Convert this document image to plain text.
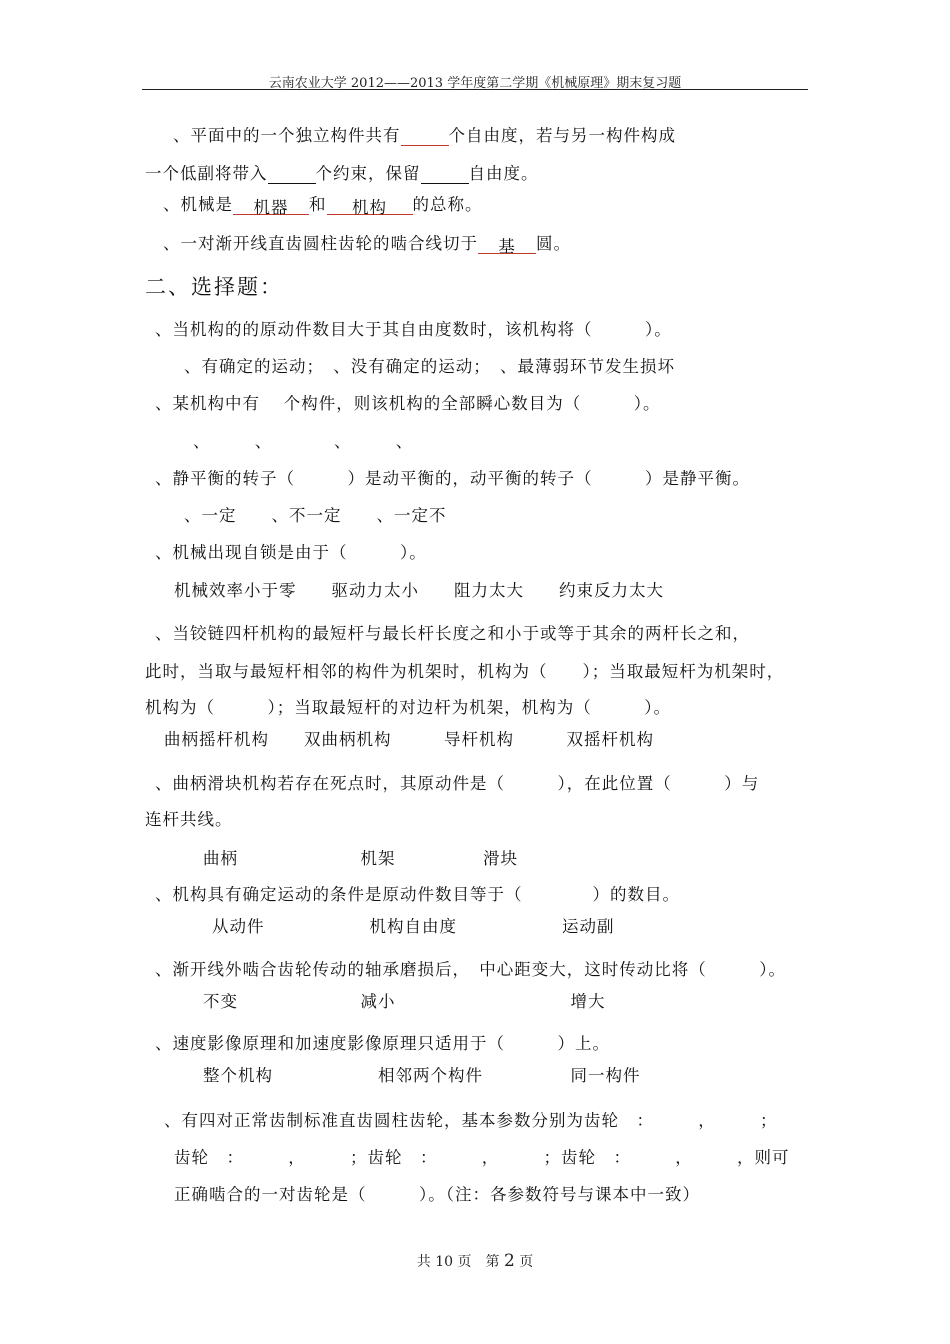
云南农业大学 2012——2013 学年度第二学期《机械原理》期末复习题
、平面中的一个独立构件共有	个自由度，若与另一构件构成
一个低副将带入	个约束，保留	自由度。
、机械是 机器 和 机构 的总称。
、一对渐开线直齿圆柱齿轮的啮合线切于 基 圆。
二、选择题：
、当机构的的原动件数目大于其自由度数时，该机构将（　　　）。
、有确定的运动；　、没有确定的运动；　、最薄弱环节发生损坏
、某机构中有　 个构件，则该机构的全部瞬心数目为（　　　）。
、　　　、　　　　、　　　、
、静平衡的转子（　　　）是动平衡的，动平衡的转子（　　　）是静平衡。
、一定　　、不一定　　、一定不
、机械出现自锁是由于（　　　）。
机械效率小于零　　驱动力太小　　阻力太大　　约束反力太大
、当铰链四杆机构的最短杆与最长杆长度之和小于或等于其余的两杆长之和，
此时，当取与最短杆相邻的构件为机架时，机构为（　　）；当取最短杆为机架时，
机构为（　　　）；当取最短杆的对边杆为机架，机构为（　　　）。
曲柄摇杆机构　　双曲柄机构　　　导杆机构　　　双摇杆机构
、曲柄滑块机构若存在死点时，其原动件是（　　　），在此位置（　　　）与
连杆共线。
曲柄　　　　　　　机架　　　　　滑块
、机构具有确定运动的条件是原动件数目等于（　　　　）的数目。
从动件　　　　　　机构自由度　　　　　　运动副
、渐开线外啮合齿轮传动的轴承磨损后，　中心距变大，这时传动比将（　　　）。
不变　　　　　　　减小　　　　　　　　　　增大
、速度影像原理和加速度影像原理只适用于（　　　）上。
整个机构　　　　　　相邻两个构件　　　　　同一构件
、有四对正常齿制标准直齿圆柱齿轮，基本参数分别为齿轮　：　　　，　　　；
齿轮　：　　　，　　　；齿轮　：　　　，　　　；齿轮　：　　　，　　　，则可
正确啮合的一对齿轮是（　　　）。（注：各参数符号与课本中一致）
共 10 页　第 2 页
